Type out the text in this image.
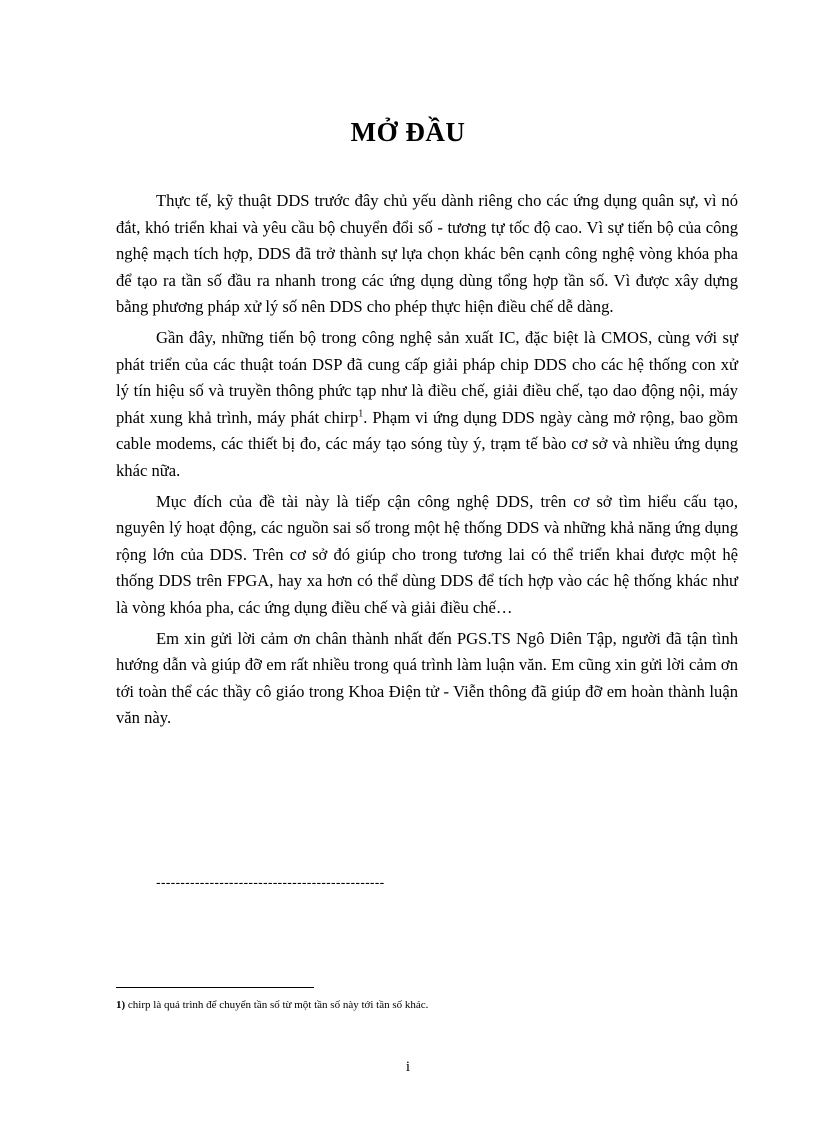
MỞ ĐẦU

Thực tế, kỹ thuật DDS trước đây chủ yếu dành riêng cho các ứng dụng quân sự, vì nó đắt, khó triển khai và yêu cầu bộ chuyển đổi số - tương tự tốc độ cao. Vì sự tiến bộ của công nghệ mạch tích hợp, DDS đã trở thành sự lựa chọn khác bên cạnh công nghệ vòng khóa pha để tạo ra tần số đầu ra nhanh trong các ứng dụng dùng tổng hợp tần số. Vì được xây dựng bằng phương pháp xử lý số nên DDS cho phép thực hiện điều chế dễ dàng.

Gần đây, những tiến bộ trong công nghệ sản xuất IC, đặc biệt là CMOS, cùng với sự phát triển của các thuật toán DSP đã cung cấp giải pháp chip DDS cho các hệ thống con xử lý tín hiệu số và truyền thông phức tạp như là điều chế, giải điều chế, tạo dao động nội, máy phát xung khả trình, máy phát chirp$^1$. Phạm vi ứng dụng DDS ngày càng mở rộng, bao gồm cable modems, các thiết bị đo, các máy tạo sóng tùy ý, trạm tế bào cơ sở và nhiều ứng dụng khác nữa.

Mục đích của đề tài này là tiếp cận công nghệ DDS, trên cơ sở tìm hiểu cấu tạo, nguyên lý hoạt động, các nguồn sai số trong một hệ thống DDS và những khả năng ứng dụng rộng lớn của DDS. Trên cơ sở đó giúp cho trong tương lai có thể triển khai được một hệ thống DDS trên FPGA, hay xa hơn có thể dùng DDS để tích hợp vào các hệ thống khác như là vòng khóa pha, các ứng dụng điều chế và giải điều chế…

Em xin gửi lời cảm ơn chân thành nhất đến PGS.TS Ngô Diên Tập, người đã tận tình hướng dẫn và giúp đỡ em rất nhiều trong quá trình làm luận văn. Em cũng xin gửi lời cảm ơn tới toàn thể các thầy cô giáo trong Khoa Điện tử - Viễn thông đã giúp đỡ em hoàn thành luận văn này.

-----------------------------------------------
1) chirp là quá trình để chuyển tần số từ một tần số này tới tần số khác.
i
